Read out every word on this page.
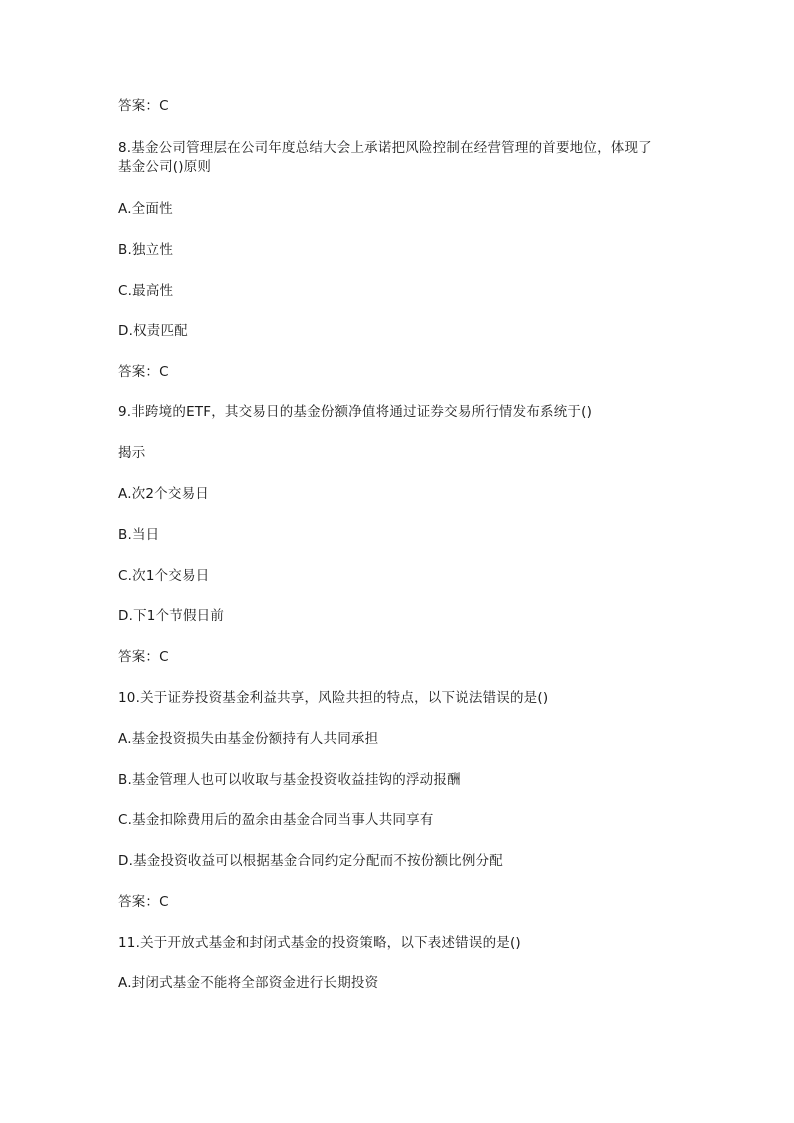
答案：C
8.基金公司管理层在公司年度总结大会上承诺把风险控制在经营管理的首要地位，体现了
基金公司()原则
A.全面性
B.独立性
C.最高性
D.权责匹配
答案：C
9.非跨境的ETF，其交易日的基金份额净值将通过证券交易所行情发布系统于()
揭示
A.次2个交易日
B.当日
C.次1个交易日
D.下1个节假日前
答案：C
10.关于证券投资基金利益共享，风险共担的特点，以下说法错误的是()
A.基金投资损失由基金份额持有人共同承担
B.基金管理人也可以收取与基金投资收益挂钩的浮动报酬
C.基金扣除费用后的盈余由基金合同当事人共同享有
D.基金投资收益可以根据基金合同约定分配而不按份额比例分配
答案：C
11.关于开放式基金和封闭式基金的投资策略，以下表述错误的是()
A.封闭式基金不能将全部资金进行长期投资
